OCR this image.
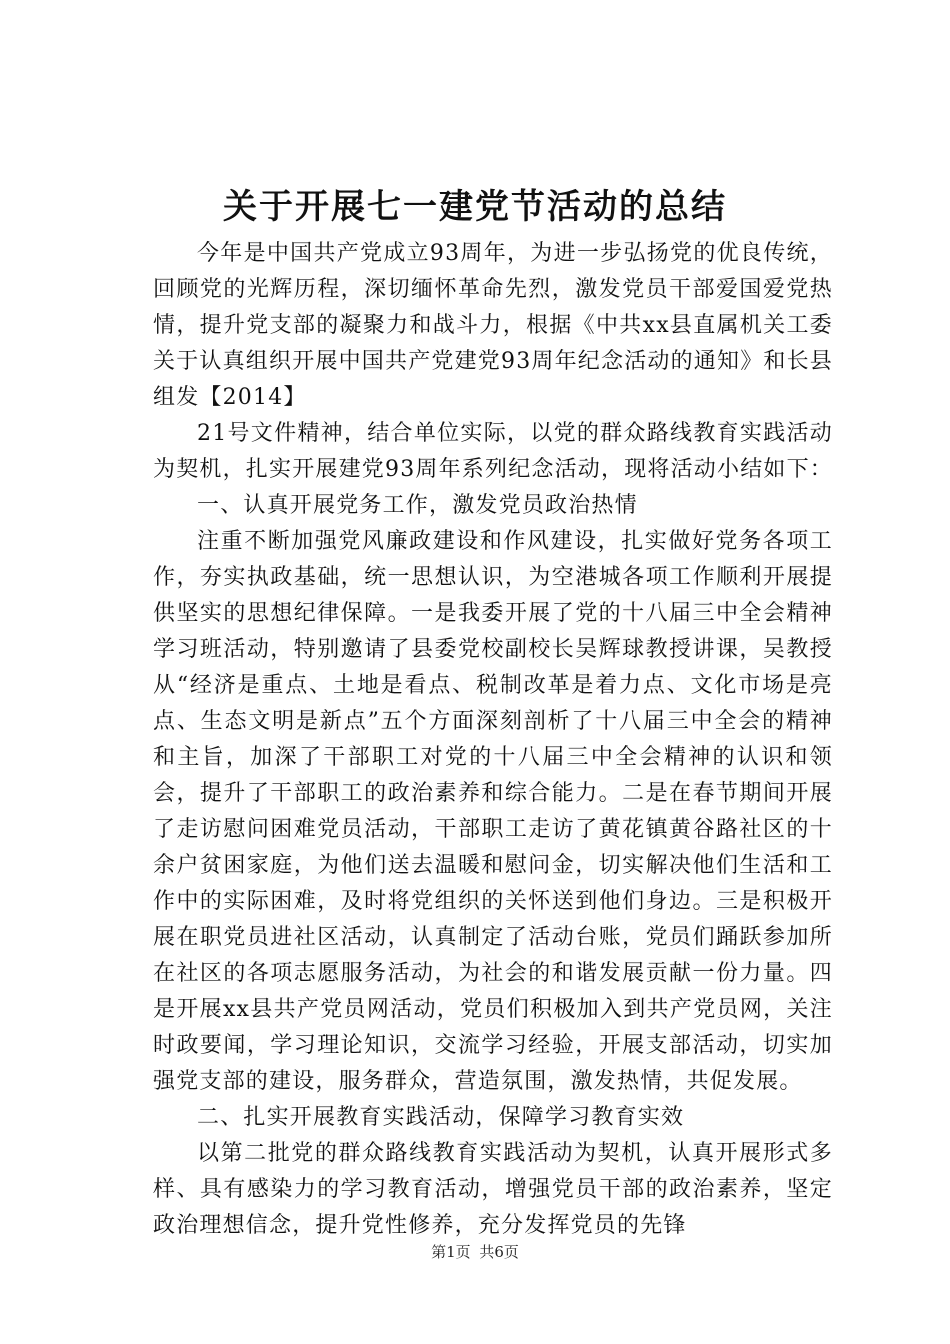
关于开展七一建党节活动的总结

今年是中国共产党成立93周年，为进一步弘扬党的优良传统，回顾党的光辉历程，深切缅怀革命先烈，激发党员干部爱国爱党热情，提升党支部的凝聚力和战斗力，根据《中共xx县直属机关工委关于认真组织开展中国共产党建党93周年纪念活动的通知》和长县组发【2014】

21号文件精神，结合单位实际，以党的群众路线教育实践活动为契机，扎实开展建党93周年系列纪念活动，现将活动小结如下：

一、认真开展党务工作，激发党员政治热情

注重不断加强党风廉政建设和作风建设，扎实做好党务各项工作，夯实执政基础，统一思想认识，为空港城各项工作顺利开展提供坚实的思想纪律保障。一是我委开展了党的十八届三中全会精神学习班活动，特别邀请了县委党校副校长吴辉球教授讲课，吴教授从“经济是重点、土地是看点、税制改革是着力点、文化市场是亮点、生态文明是新点”五个方面深刻剖析了十八届三中全会的精神和主旨，加深了干部职工对党的十八届三中全会精神的认识和领会，提升了干部职工的政治素养和综合能力。二是在春节期间开展了走访慰问困难党员活动，干部职工走访了黄花镇黄谷路社区的十余户贫困家庭，为他们送去温暖和慰问金，切实解决他们生活和工作中的实际困难，及时将党组织的关怀送到他们身边。三是积极开展在职党员进社区活动，认真制定了活动台账，党员们踊跃参加所在社区的各项志愿服务活动，为社会的和谐发展贡献一份力量。四是开展xx县共产党员网活动，党员们积极加入到共产党员网，关注时政要闻，学习理论知识，交流学习经验，开展支部活动，切实加强党支部的建设，服务群众，营造氛围，激发热情，共促发展。

二、扎实开展教育实践活动，保障学习教育实效

以第二批党的群众路线教育实践活动为契机，认真开展形式多样、具有感染力的学习教育活动，增强党员干部的政治素养，坚定政治理想信念，提升党性修养，充分发挥党员的先锋

第1页 共6页
